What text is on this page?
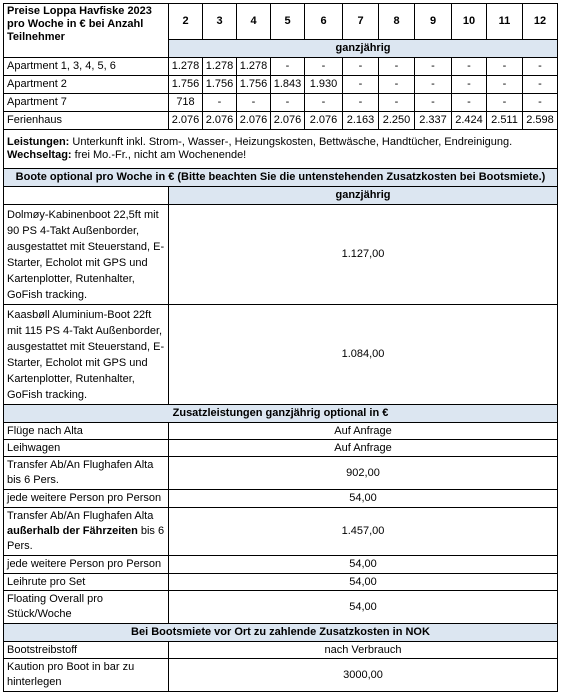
Preise Loppa Havfiske 2023 pro Woche in € bei Anzahl Teilnehmer	2	3	4	5	6	7	8	9	10	11	12
	ganzjährig										
Apartment 1, 3, 4, 5, 6	1.278	1.278	1.278	-	-	-	-	-	-	-	-
Apartment 2	1.756	1.756	1.756	1.843	1.930	-	-	-	-	-	-
Apartment 7	718	-	-	-	-	-	-	-	-	-	-
Ferienhaus	2.076	2.076	2.076	2.076	2.076	2.163	2.250	2.337	2.424	2.511	2.598
Leistungen: Unterkunft inkl. Strom-, Wasser-, Heizungskosten, Bettwäsche, Handtücher, Endreinigung.
Wechseltag: frei Mo.-Fr., nicht am Wochenende!											
Boote optional pro Woche in € (Bitte beachten Sie die untenstehenden Zusatzkosten bei Bootsmiete.)											
	ganzjährig										
Dolmøy-Kabinenboot 22,5ft mit 90 PS 4-Takt Außenborder, ausgestattet mit Steuerstand, E-Starter, Echolot mit GPS und Kartenplotter, Rutenhalter, GoFish tracking.	1.127,00										
Kaasbøll Aluminium-Boot 22ft mit 115 PS 4-Takt Außenborder, ausgestattet mit Steuerstand, E-Starter, Echolot mit GPS und Kartenplotter, Rutenhalter, GoFish tracking.	1.084,00										
Zusatzleistungen ganzjährig optional in €											
Flüge nach Alta	Auf Anfrage										
Leihwagen	Auf Anfrage										
Transfer Ab/An Flughafen Alta bis 6 Pers.	902,00										
jede weitere Person pro Person	54,00										
Transfer Ab/An Flughafen Alta außerhalb der Fährzeiten bis 6 Pers.	1.457,00										
jede weitere Person pro Person	54,00										
Leihrute pro Set	54,00										
Floating Overall pro Stück/Woche	54,00										
Bei Bootsmiete vor Ort zu zahlende Zusatzkosten in NOK											
Bootstreibstoff	nach Verbrauch										
Kaution pro Boot in bar zu hinterlegen	3000,00										
